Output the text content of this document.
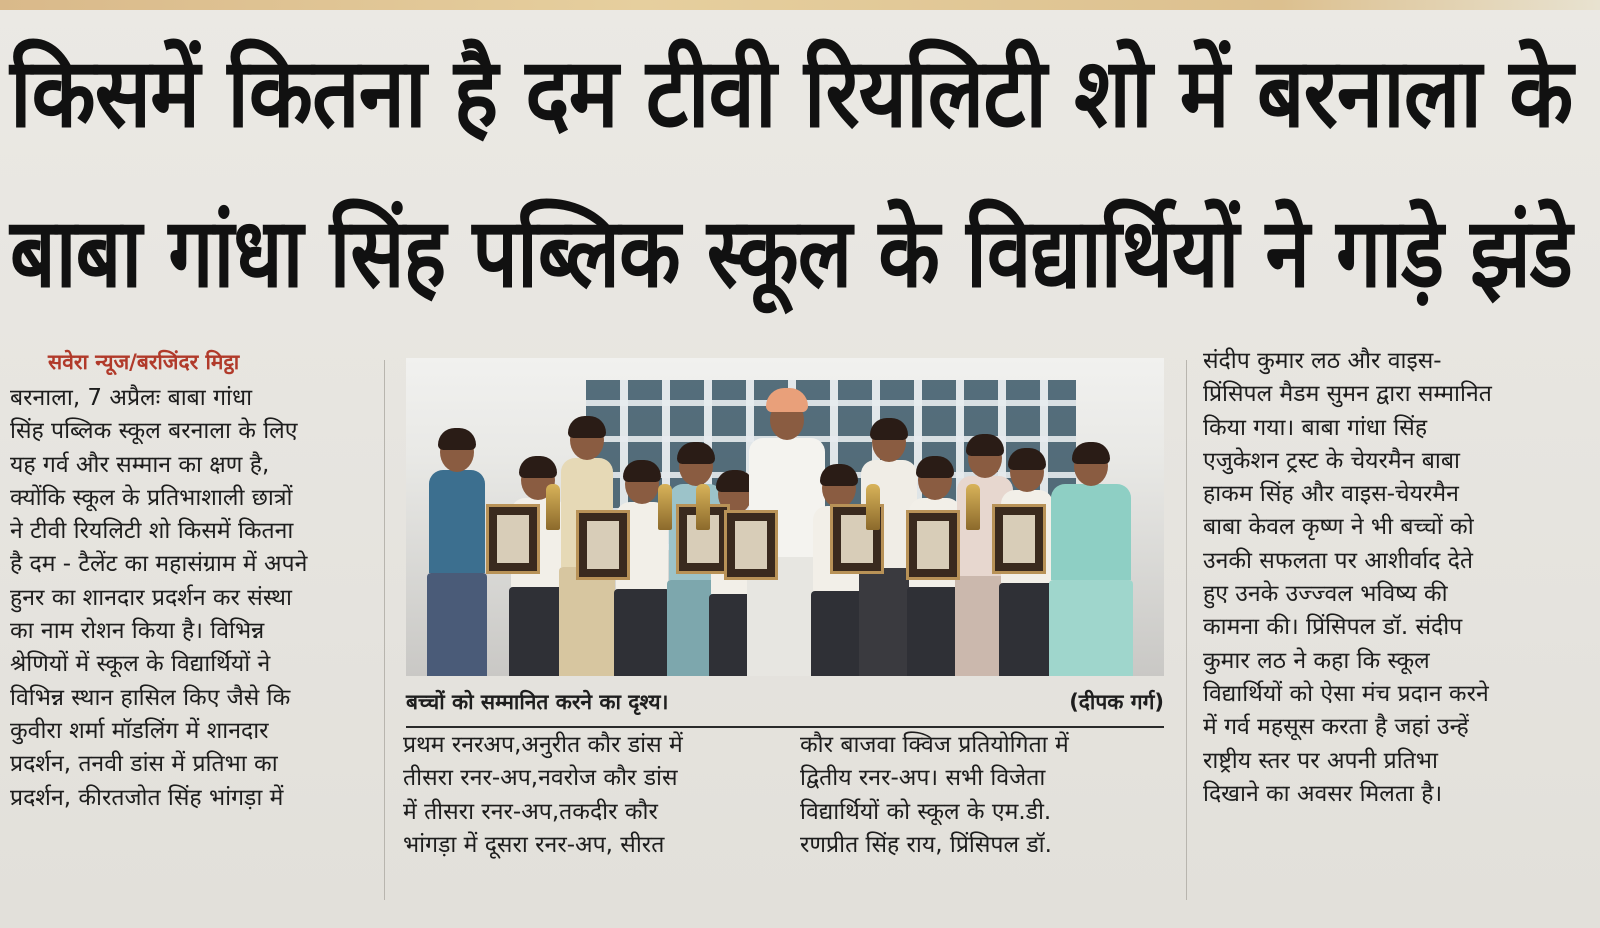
किसमें कितना है दम टीवी रियलिटी शो में बरनाला के
बाबा गांधा सिंह पब्लिक स्कूल के विद्यार्थियों ने गाड़े झंडे
सवेरा न्यूज/बरजिंदर मिट्ठा
बरनाला, 7 अप्रैलः बाबा गांधा
सिंह पब्लिक स्कूल बरनाला के लिए
यह गर्व और सम्मान का क्षण है,
क्योंकि स्कूल के प्रतिभाशाली छात्रों
ने टीवी रियलिटी शो किसमें कितना
है दम - टैलेंट का महासंग्राम में अपने
हुनर का शानदार प्रदर्शन कर संस्था
का नाम रोशन किया है। विभिन्न
श्रेणियों में स्कूल के विद्यार्थियों ने
विभिन्न स्थान हासिल किए जैसे कि
कुवीरा शर्मा मॉडलिंग में शानदार
प्रदर्शन, तनवी डांस में प्रतिभा का
प्रदर्शन, कीरतजोत सिंह भांगड़ा में
बच्चों को सम्मानित करने का दृश्य।	(दीपक गर्ग)
प्रथम रनरअप,अनुरीत कौर डांस में
तीसरा रनर-अप,नवरोज कौर डांस
में तीसरा रनर-अप,तकदीर कौर
भांगड़ा में दूसरा रनर-अप, सीरत
कौर बाजवा क्विज प्रतियोगिता में
द्वितीय रनर-अप। सभी विजेता
विद्यार्थियों को स्कूल के एम.डी.
रणप्रीत सिंह राय, प्रिंसिपल डॉ.
संदीप कुमार लठ और वाइस-
प्रिंसिपल मैडम सुमन द्वारा सम्मानित
किया गया। बाबा गांधा सिंह
एजुकेशन ट्रस्ट के चेयरमैन बाबा
हाकम सिंह और वाइस-चेयरमैन
बाबा केवल कृष्ण ने भी बच्चों को
उनकी सफलता पर आशीर्वाद देते
हुए उनके उज्ज्वल भविष्य की
कामना की। प्रिंसिपल डॉ. संदीप
कुमार लठ ने कहा कि स्कूल
विद्यार्थियों को ऐसा मंच प्रदान करने
में गर्व महसूस करता है जहां उन्हें
राष्ट्रीय स्तर पर अपनी प्रतिभा
दिखाने का अवसर मिलता है।
